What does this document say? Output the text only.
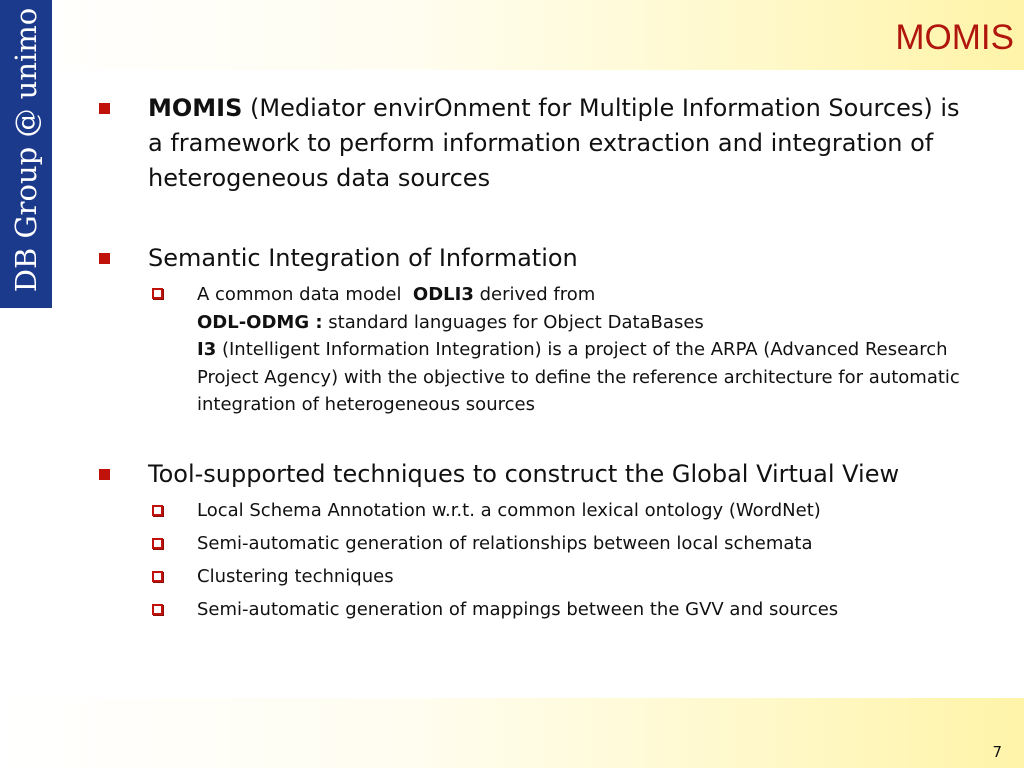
DB Group @ unimo	MOMIS
MOMIS (Mediator envirOnment for Multiple Information Sources) is a framework to perform information extraction and integration of heterogeneous data sources
Semantic Integration of Information
A common data model ODLI3 derived from
ODL-ODMG : standard languages for Object DataBases
I3 (Intelligent Information Integration) is a project of the ARPA (Advanced Research Project Agency) with the objective to define the reference architecture for automatic integration of heterogeneous sources
Tool-supported techniques to construct the Global Virtual View
Local Schema Annotation w.r.t. a common lexical ontology (WordNet)
Semi-automatic generation of relationships between local schemata
Clustering techniques
Semi-automatic generation of mappings between the GVV and sources
7
